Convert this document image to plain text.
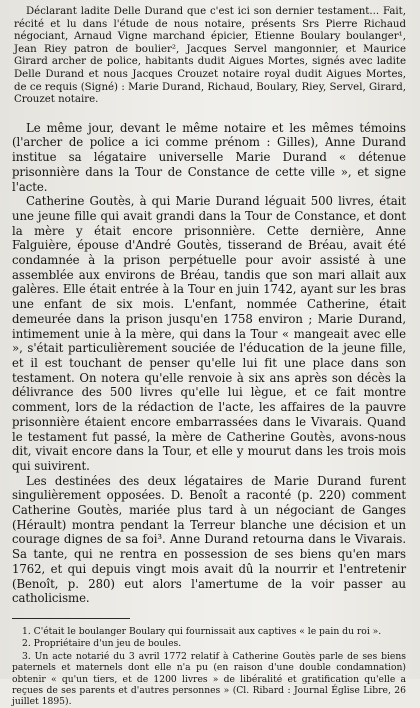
Déclarant ladite Delle Durand que c'est ici son dernier testament... Fait, récité et lu dans l'étude de nous notaire, présents Srs Pierre Richaud négociant, Arnaud Vigne marchand épicier, Etienne Boulary boulanger¹, Jean Riey patron de boulier², Jacques Servel mangonnier, et Maurice Girard archer de police, habitants dudit Aigues Mortes, signés avec ladite Delle Durand et nous Jacques Crouzet notaire royal dudit Aigues Mortes, de ce requis (Signé) : Marie Durand, Richaud, Boulary, Riey, Servel, Girard, Crouzet notaire.

Le même jour, devant le même notaire et les mêmes témoins (l'archer de police a ici comme prénom : Gilles), Anne Durand institue sa légataire universelle Marie Durand « détenue prisonnière dans la Tour de Constance de cette ville », et signe l'acte.

Catherine Goutès, à qui Marie Durand léguait 500 livres, était une jeune fille qui avait grandi dans la Tour de Constance, et dont la mère y était encore prisonnière. Cette dernière, Anne Falguière, épouse d'André Goutès, tisserand de Bréau, avait été condamnée à la prison perpétuelle pour avoir assisté à une assemblée aux environs de Bréau, tandis que son mari allait aux galères. Elle était entrée à la Tour en juin 1742, ayant sur les bras une enfant de six mois. L'enfant, nommée Catherine, était demeurée dans la prison jusqu'en 1758 environ ; Marie Durand, intimement unie à la mère, qui dans la Tour « mangeait avec elle », s'était particulièrement souciée de l'éducation de la jeune fille, et il est touchant de penser qu'elle lui fit une place dans son testament. On notera qu'elle renvoie à six ans après son décès la délivrance des 500 livres qu'elle lui lègue, et ce fait montre comment, lors de la rédaction de l'acte, les affaires de la pauvre prisonnière étaient encore embarrassées dans le Vivarais. Quand le testament fut passé, la mère de Catherine Goutès, avons-nous dit, vivait encore dans la Tour, et elle y mourut dans les trois mois qui suivirent.

Les destinées des deux légataires de Marie Durand furent singulièrement opposées. D. Benoît a raconté (p. 220) comment Catherine Goutès, mariée plus tard à un négociant de Ganges (Hérault) montra pendant la Terreur blanche une décision et un courage dignes de sa foi³. Anne Durand retourna dans le Vivarais. Sa tante, qui ne rentra en possession de ses biens qu'en mars 1762, et qui depuis vingt mois avait dû la nourrir et l'entretenir (Benoît, p. 280) eut alors l'amertume de la voir passer au catholicisme.

1. C'était le boulanger Boulary qui fournissait aux captives « le pain du roi ».

2. Propriétaire d'un jeu de boules.

3. Un acte notarié du 3 avril 1772 relatif à Catherine Goutès parle de ses biens paternels et maternels dont elle n'a pu (en raison d'une double condamnation) obtenir « qu'un tiers, et de 1200 livres » de libéralité et gratification qu'elle a reçues de ses parents et d'autres personnes » (Cl. Ribard : Journal Église Libre, 26 juillet 1895).
